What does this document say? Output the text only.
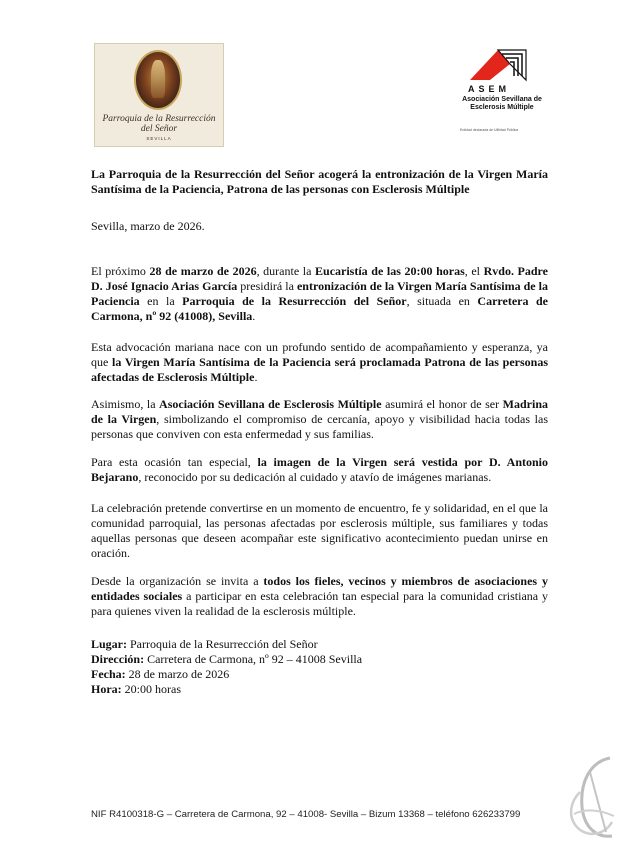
Parroquia de la Resurrección del Señor
SEVILLA
ASEM
Asociación Sevillana de Esclerosis Múltiple
Entidad declarada de Utilidad Pública

La Parroquia de la Resurrección del Señor acogerá la entronización de la Virgen María Santísima de la Paciencia, Patrona de las personas con Esclerosis Múltiple

Sevilla, marzo de 2026.

El próximo 28 de marzo de 2026, durante la Eucaristía de las 20:00 horas, el Rvdo. Padre D. José Ignacio Arias García presidirá la entronización de la Virgen María Santísima de la Paciencia en la Parroquia de la Resurrección del Señor, situada en Carretera de Carmona, nº 92 (41008), Sevilla.

Esta advocación mariana nace con un profundo sentido de acompañamiento y esperanza, ya que la Virgen María Santísima de la Paciencia será proclamada Patrona de las personas afectadas de Esclerosis Múltiple.

Asimismo, la Asociación Sevillana de Esclerosis Múltiple asumirá el honor de ser Madrina de la Virgen, simbolizando el compromiso de cercanía, apoyo y visibilidad hacia todas las personas que conviven con esta enfermedad y sus familias.

Para esta ocasión tan especial, la imagen de la Virgen será vestida por D. Antonio Bejarano, reconocido por su dedicación al cuidado y atavío de imágenes marianas.

La celebración pretende convertirse en un momento de encuentro, fe y solidaridad, en el que la comunidad parroquial, las personas afectadas por esclerosis múltiple, sus familiares y todas aquellas personas que deseen acompañar este significativo acontecimiento puedan unirse en oración.

Desde la organización se invita a todos los fieles, vecinos y miembros de asociaciones y entidades sociales a participar en esta celebración tan especial para la comunidad cristiana y para quienes viven la realidad de la esclerosis múltiple.

Lugar: Parroquia de la Resurrección del Señor

Dirección: Carretera de Carmona, nº 92 – 41008 Sevilla

Fecha: 28 de marzo de 2026

Hora: 20:00 horas

NIF R4100318-G – Carretera de Carmona, 92 – 41008- Sevilla – Bizum 13368 – teléfono 626233799
